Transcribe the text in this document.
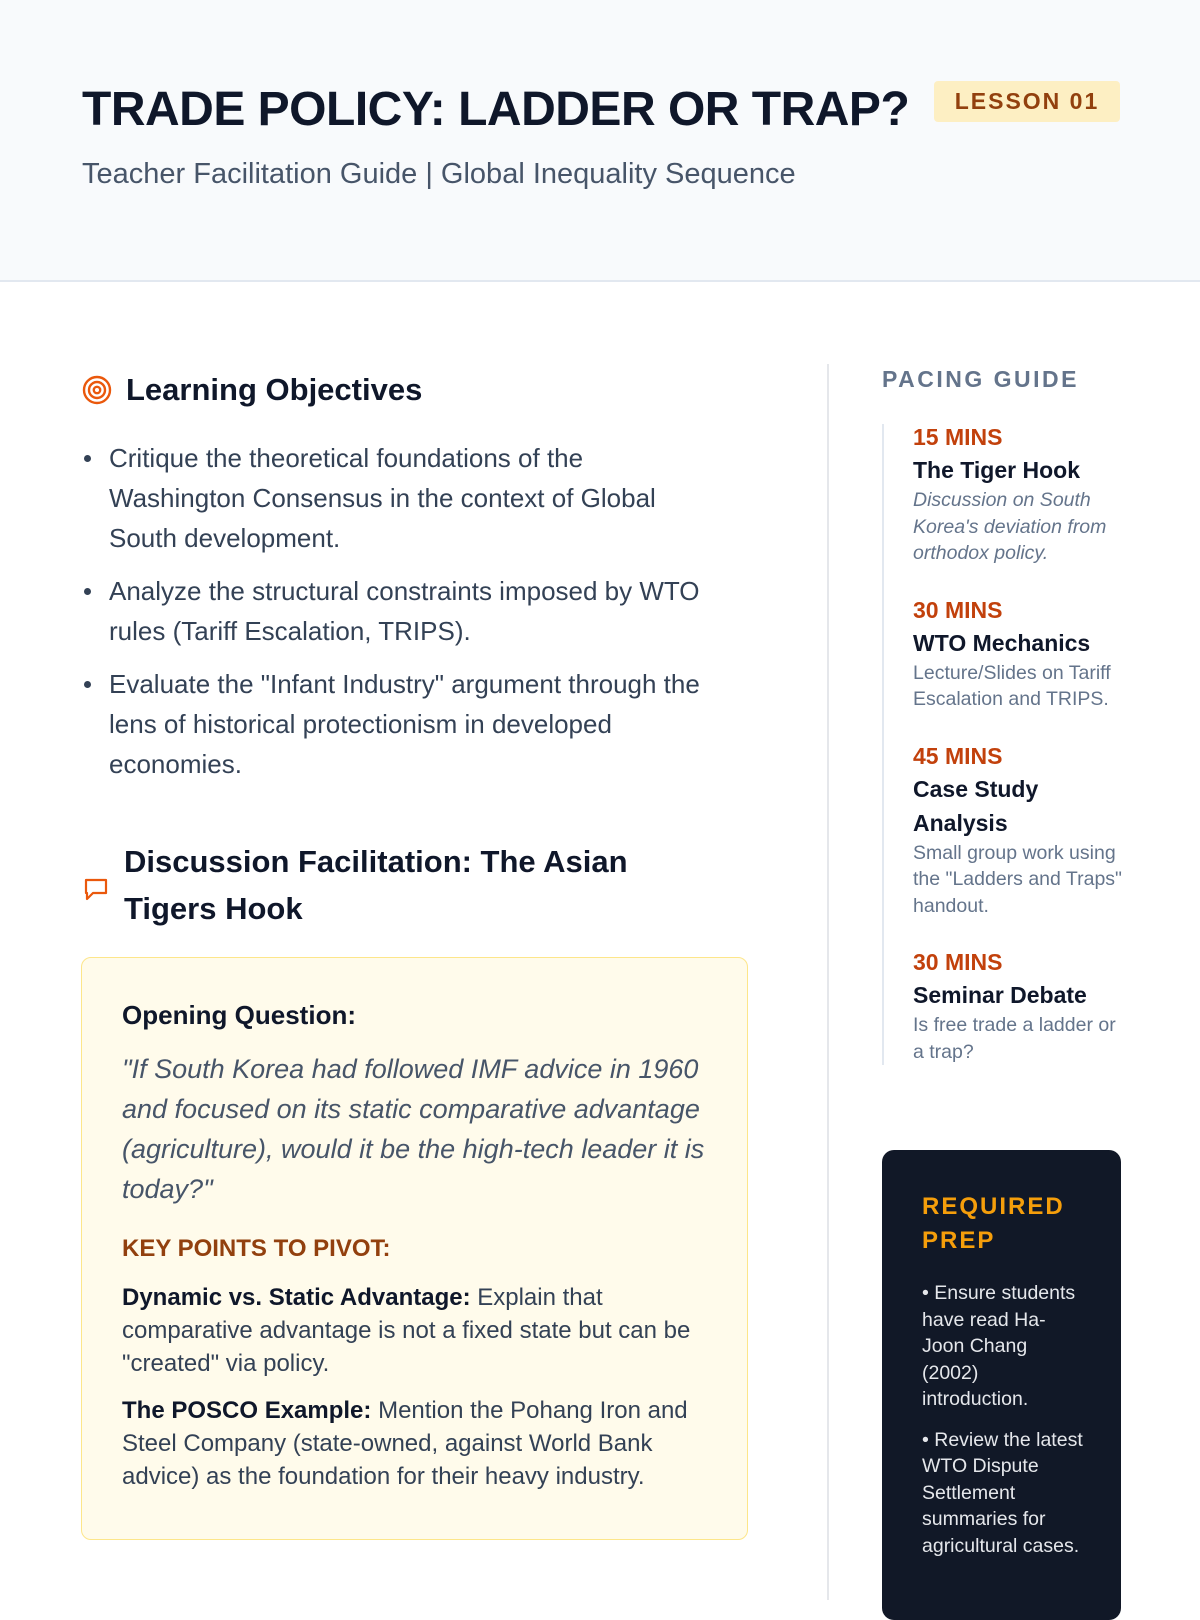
TRADE POLICY: LADDER OR TRAP?	LESSON 01
Teacher Facilitation Guide | Global Inequality Sequence
Learning Objectives
Critique the theoretical foundations of the Washington Consensus in the context of Global South development.
Analyze the structural constraints imposed by WTO rules (Tariff Escalation, TRIPS).
Evaluate the "Infant Industry" argument through the lens of historical protectionism in developed economies.
Discussion Facilitation: The Asian Tigers Hook
Opening Question:
"If South Korea had followed IMF advice in 1960 and focused on its static comparative advantage (agriculture), would it be the high-tech leader it is today?"
KEY POINTS TO PIVOT:

Dynamic vs. Static Advantage: Explain that comparative advantage is not a fixed state but can be "created" via policy.

The POSCO Example: Mention the Pohang Iron and Steel Company (state-owned, against World Bank advice) as the foundation for their heavy industry.

PACING GUIDE
15 MINS
The Tiger Hook
Discussion on South Korea's deviation from orthodox policy.
30 MINS
WTO Mechanics
Lecture/Slides on Tariff Escalation and TRIPS.
45 MINS
Case Study Analysis
Small group work using the "Ladders and Traps" handout.
30 MINS
Seminar Debate
Is free trade a ladder or a trap?
REQUIRED PREP
• Ensure students have read Ha-Joon Chang (2002) introduction.
• Review the latest WTO Dispute Settlement summaries for agricultural cases.
